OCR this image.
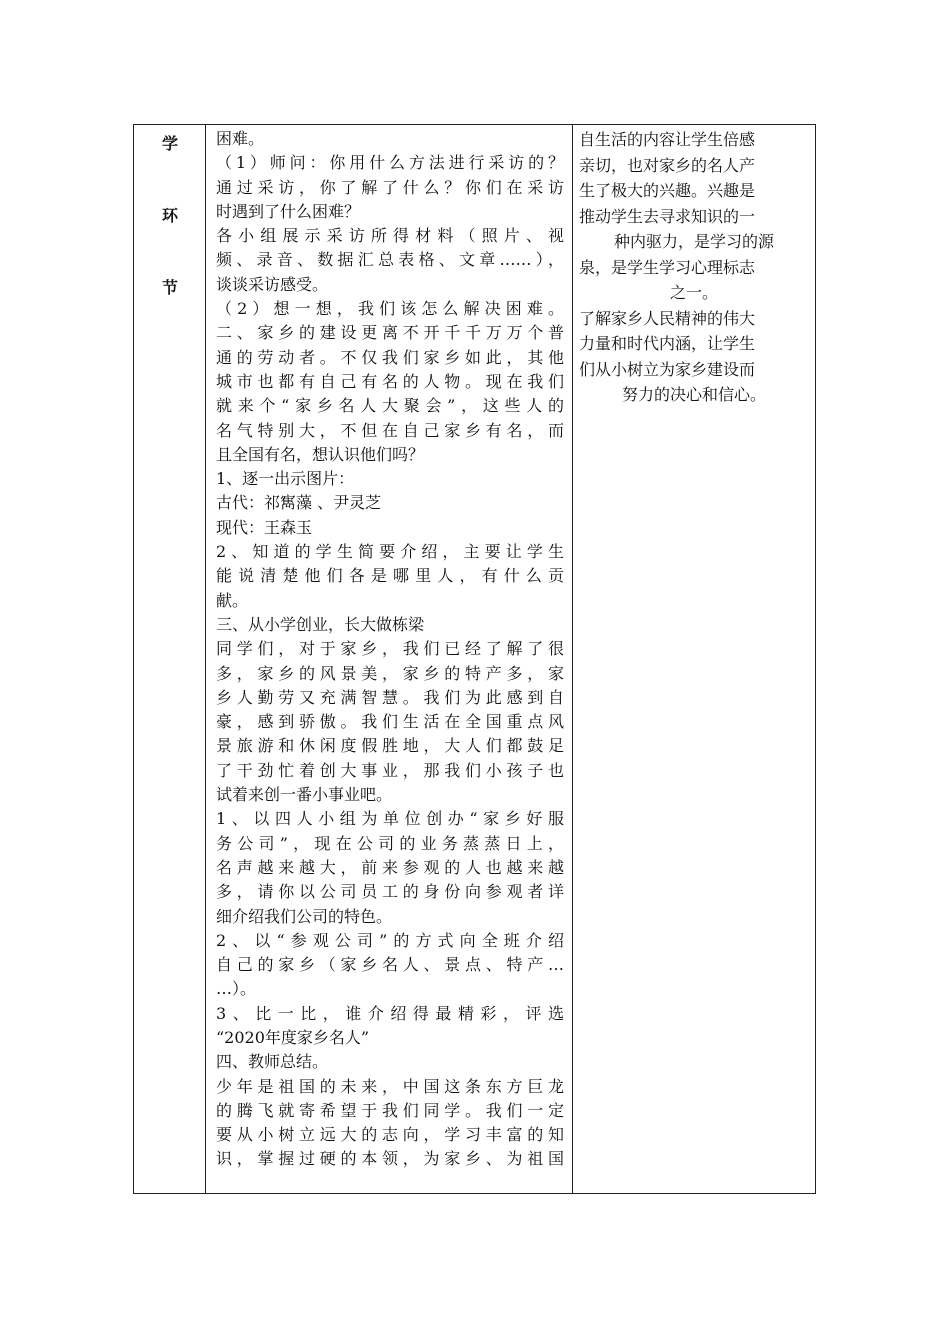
学
环
节
困难。
（1）师问：你用什么方法进行采访的？
通过采访，你了解了什么？你们在采访
时遇到了什么困难？
各小组展示采访所得材料（照片、视
频、录音、数据汇总表格、文章……），
谈谈采访感受。
（2）想一想，我们该怎么解决困难。
二、家乡的建设更离不开千千万万个普
通的劳动者。不仅我们家乡如此，其他
城市也都有自己有名的人物。现在我们
就来个“家乡名人大聚会”，这些人的
名气特别大，不但在自己家乡有名，而
且全国有名，想认识他们吗？
1、逐一出示图片：
古代：祁寯藻 、尹灵芝
现代：王森玉
2、知道的学生简要介绍，主要让学生
能说清楚他们各是哪里人，有什么贡
献。
三、从小学创业，长大做栋梁
同学们，对于家乡，我们已经了解了很
多，家乡的风景美，家乡的特产多，家
乡人勤劳又充满智慧。我们为此感到自
豪，感到骄傲。我们生活在全国重点风
景旅游和休闲度假胜地，大人们都鼓足
了干劲忙着创大事业，那我们小孩子也
试着来创一番小事业吧。
1、以四人小组为单位创办“家乡好服
务公司”，现在公司的业务蒸蒸日上，
名声越来越大，前来参观的人也越来越
多，请你以公司员工的身份向参观者详
细介绍我们公司的特色。
2、以“参观公司”的方式向全班介绍
自己的家乡（家乡名人、景点、特产…
…）。
3、比一比，谁介绍得最精彩，评选
“2020年度家乡名人”
四、教师总结。
少年是祖国的未来，中国这条东方巨龙
的腾飞就寄希望于我们同学。我们一定
要从小树立远大的志向，学习丰富的知
识，掌握过硬的本领，为家乡、为祖国
自生活的内容让学生倍感
亲切，也对家乡的名人产
生了极大的兴趣。兴趣是
推动学生去寻求知识的一
种内驱力，是学习的源
泉，是学生学习心理标志
之一。
了解家乡人民精神的伟大
力量和时代内涵，让学生
们从小树立为家乡建设而
努力的决心和信心。
